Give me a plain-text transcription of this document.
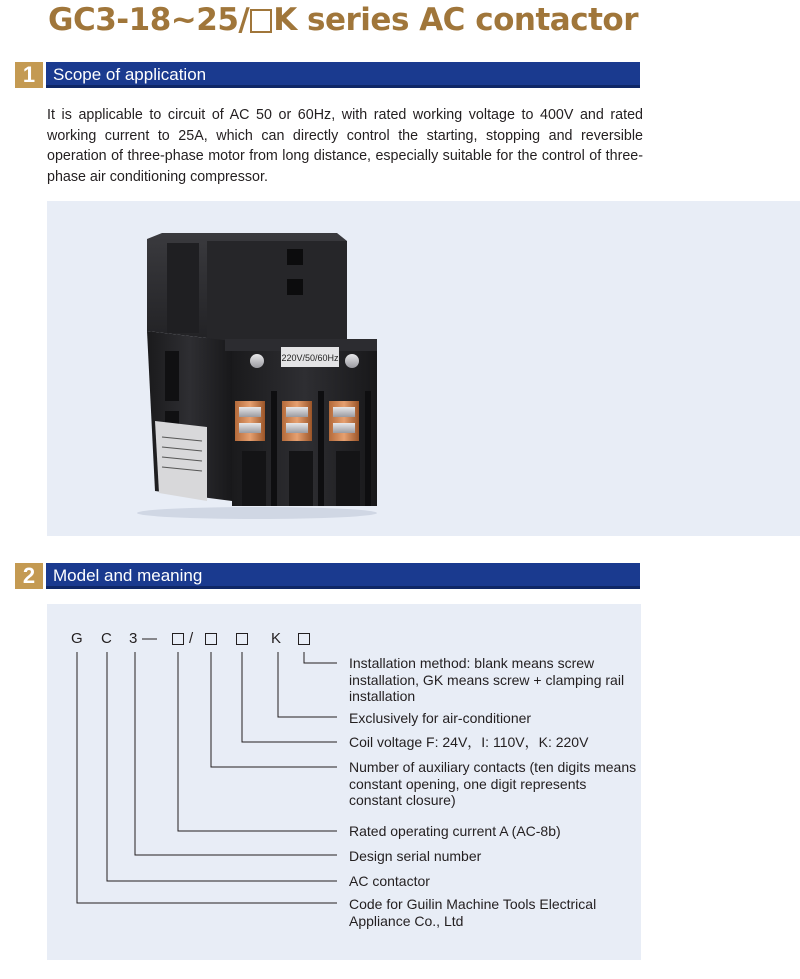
GC3-18~25/ K series AC contactor
1	Scope of application
It is applicable to circuit of AC 50 or 60Hz, with rated working voltage to 400V and rated working current to 25A, which can directly control the starting, stopping and reversible operation of three-phase motor from long distance, especially suitable for the control of three-phase air conditioning compressor.
220V/50/60Hz
2	Model and meaning
G C 3 — /	K
Installation method: blank means screw installation, GK means screw + clamping rail installation
Exclusively for air-conditioner
Coil voltage F: 24V，I: 110V，K: 220V
Number of auxiliary contacts (ten digits means constant opening, one digit represents constant closure)
Rated operating current A (AC-8b)
Design serial number
AC contactor
Code for Guilin Machine Tools Electrical Appliance Co., Ltd
